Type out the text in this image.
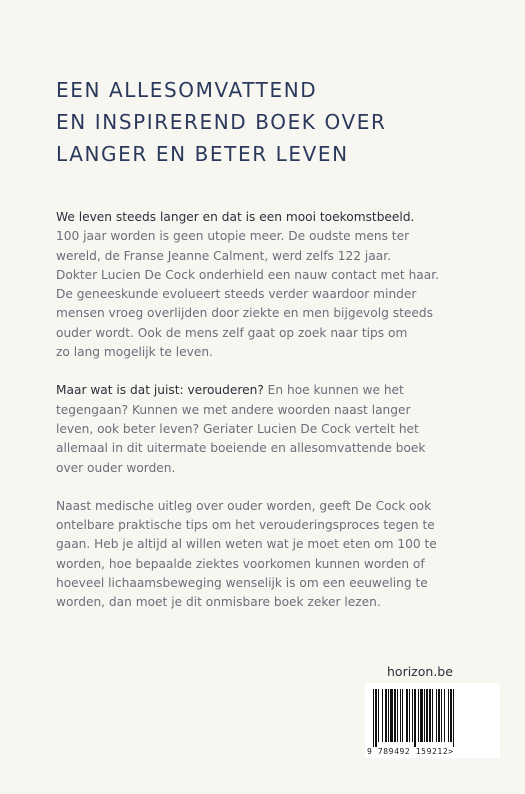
EEN ALLESOMVATTEND
EN INSPIREREND BOEK OVER
LANGER EN BETER LEVEN
We leven steeds langer en dat is een mooi toekomstbeeld.
100 jaar worden is geen utopie meer. De oudste mens ter
wereld, de Franse Jeanne Calment, werd zelfs 122 jaar.
Dokter Lucien De Cock onderhield een nauw contact met haar.
De geneeskunde evolueert steeds verder waardoor minder
mensen vroeg overlijden door ziekte en men bijgevolg steeds
ouder wordt. Ook de mens zelf gaat op zoek naar tips om
zo lang mogelijk te leven.
Maar wat is dat juist: verouderen? En hoe kunnen we het
tegengaan? Kunnen we met andere woorden naast langer
leven, ook beter leven? Geriater Lucien De Cock vertelt het
allemaal in dit uitermate boeiende en allesomvattende boek
over ouder worden.
Naast medische uitleg over ouder worden, geeft De Cock ook
ontelbare praktische tips om het verouderingsproces tegen te
gaan. Heb je altijd al willen weten wat je moet eten om 100 te
worden, hoe bepaalde ziektes voorkomen kunnen worden of
hoeveel lichaamsbeweging wenselijk is om een eeuweling te
worden, dan moet je dit onmisbare boek zeker lezen.
horizon.be
9 789492 159212>
